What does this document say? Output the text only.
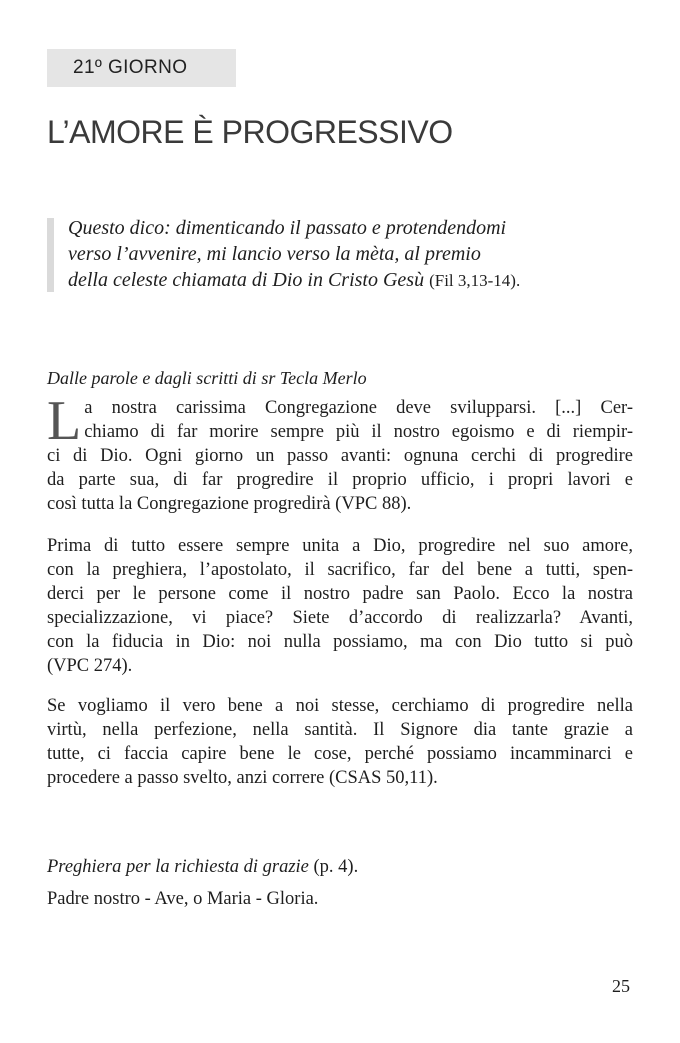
21º GIORNO
L’AMORE È PROGRESSIVO
Questo dico: dimenticando il passato e protendendomi
verso l’avvenire, mi lancio verso la mèta, al premio
della celeste chiamata di Dio in Cristo Gesù (Fil 3,13-14).
Dalle parole e dagli scritti di sr Tecla Merlo
L a nostra carissima Congregazione deve svilupparsi. [...] Cer-
chiamo di far morire sempre più il nostro egoismo e di riempir-
ci di Dio. Ogni giorno un passo avanti: ognuna cerchi di progredire
da parte sua, di far progredire il proprio ufficio, i propri lavori e
così tutta la Congregazione progredirà (VPC 88).
Prima di tutto essere sempre unita a Dio, progredire nel suo amore,
con la preghiera, l’apostolato, il sacrifico, far del bene a tutti, spen-
derci per le persone come il nostro padre san Paolo. Ecco la nostra
specializzazione, vi piace? Siete d’accordo di realizzarla? Avanti,
con la fiducia in Dio: noi nulla possiamo, ma con Dio tutto si può
(VPC 274).
Se vogliamo il vero bene a noi stesse, cerchiamo di progredire nella
virtù, nella perfezione, nella santità. Il Signore dia tante grazie a
tutte, ci faccia capire bene le cose, perché possiamo incamminarci e
procedere a passo svelto, anzi correre (CSAS 50,11).
Preghiera per la richiesta di grazie (p. 4).
Padre nostro - Ave, o Maria - Gloria.
25
